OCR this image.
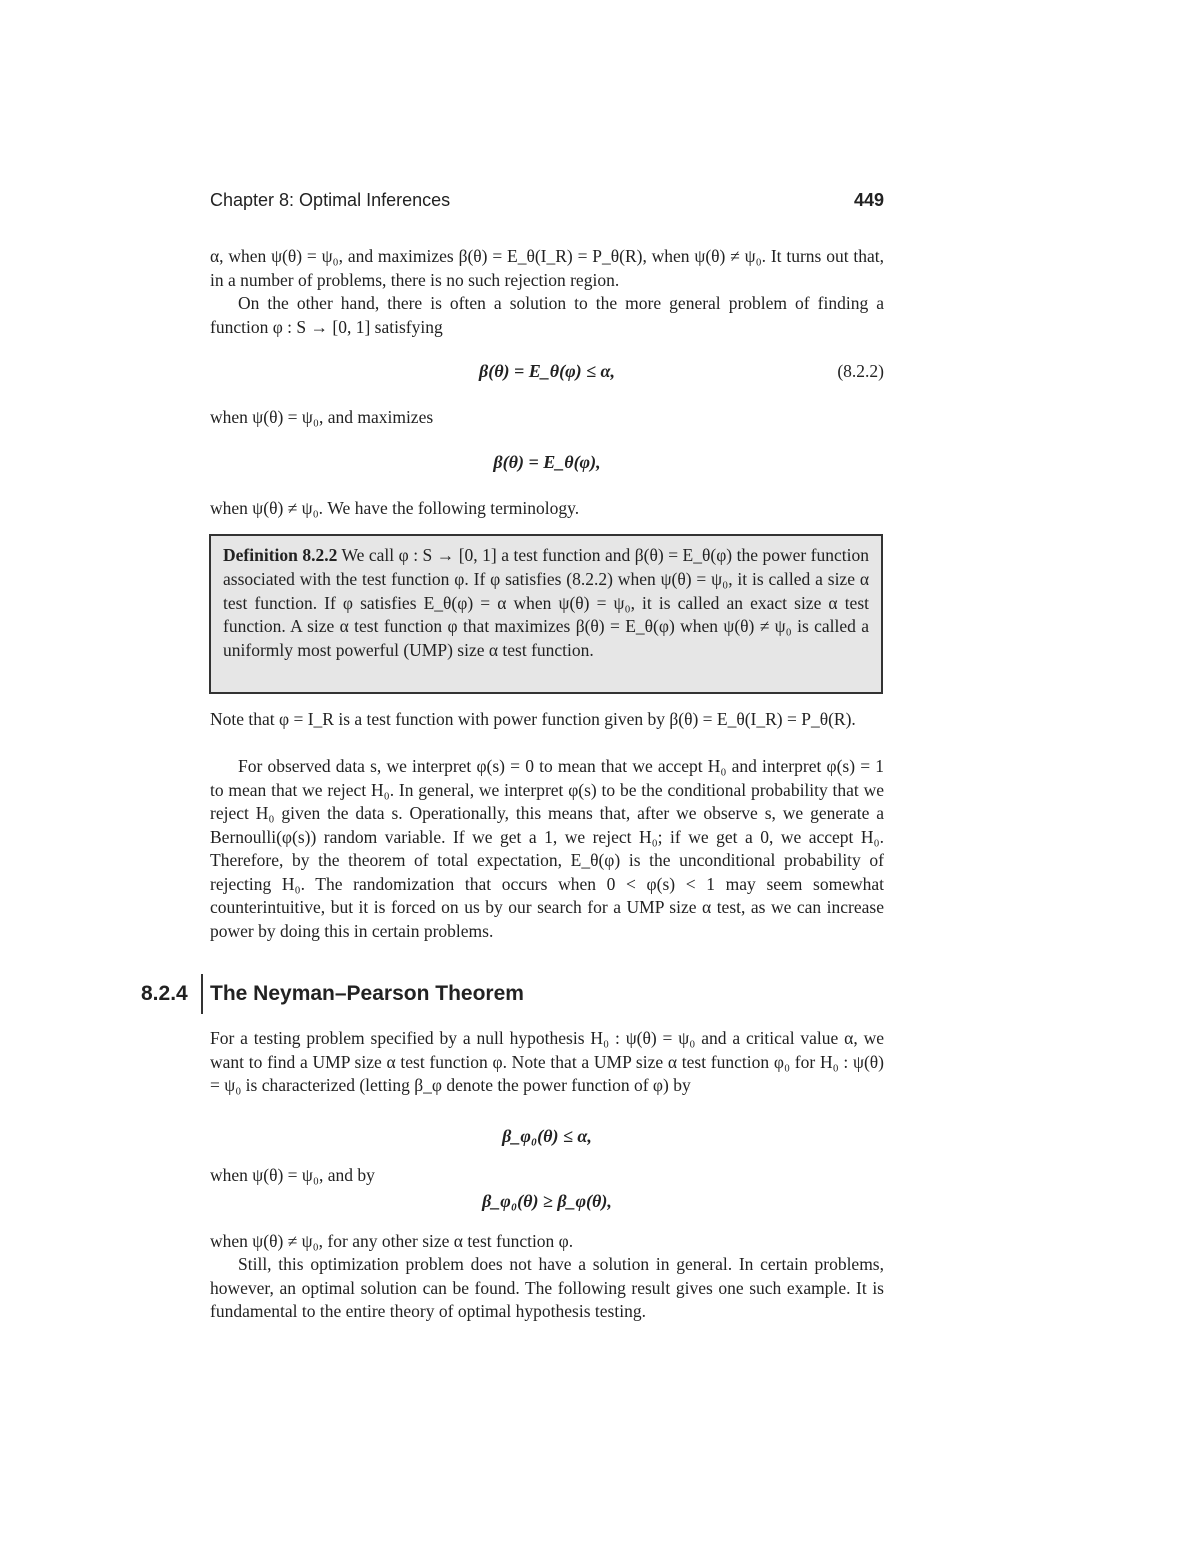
Chapter 8: Optimal Inferences	449

α, when ψ(θ) = ψ₀, and maximizes β(θ) = E_θ(I_R) = P_θ(R), when ψ(θ) ≠ ψ₀. It turns out that, in a number of problems, there is no such rejection region.

On the other hand, there is often a solution to the more general problem of finding a function φ : S → [0, 1] satisfying

β(θ) = E_θ(φ) ≤ α,	(8.2.2)

when ψ(θ) = ψ₀, and maximizes

β(θ) = E_θ(φ),

when ψ(θ) ≠ ψ₀. We have the following terminology.

Definition 8.2.2 We call φ : S → [0, 1] a test function and β(θ) = E_θ(φ) the power function associated with the test function φ. If φ satisfies (8.2.2) when ψ(θ) = ψ₀, it is called a size α test function. If φ satisfies E_θ(φ) = α when ψ(θ) = ψ₀, it is called an exact size α test function. A size α test function φ that maximizes β(θ) = E_θ(φ) when ψ(θ) ≠ ψ₀ is called a uniformly most powerful (UMP) size α test function.

Note that φ = I_R is a test function with power function given by β(θ) = E_θ(I_R) = P_θ(R).

For observed data s, we interpret φ(s) = 0 to mean that we accept H₀ and interpret φ(s) = 1 to mean that we reject H₀. In general, we interpret φ(s) to be the conditional probability that we reject H₀ given the data s. Operationally, this means that, after we observe s, we generate a Bernoulli(φ(s)) random variable. If we get a 1, we reject H₀; if we get a 0, we accept H₀. Therefore, by the theorem of total expectation, E_θ(φ) is the unconditional probability of rejecting H₀. The randomization that occurs when 0 < φ(s) < 1 may seem somewhat counterintuitive, but it is forced on us by our search for a UMP size α test, as we can increase power by doing this in certain problems.

8.2.4 The Neyman–Pearson Theorem

For a testing problem specified by a null hypothesis H₀ : ψ(θ) = ψ₀ and a critical value α, we want to find a UMP size α test function φ. Note that a UMP size α test function φ₀ for H₀ : ψ(θ) = ψ₀ is characterized (letting β_φ denote the power function of φ) by

β_φ₀(θ) ≤ α,

when ψ(θ) = ψ₀, and by

β_φ₀(θ) ≥ β_φ(θ),

when ψ(θ) ≠ ψ₀, for any other size α test function φ.

Still, this optimization problem does not have a solution in general. In certain problems, however, an optimal solution can be found. The following result gives one such example. It is fundamental to the entire theory of optimal hypothesis testing.
